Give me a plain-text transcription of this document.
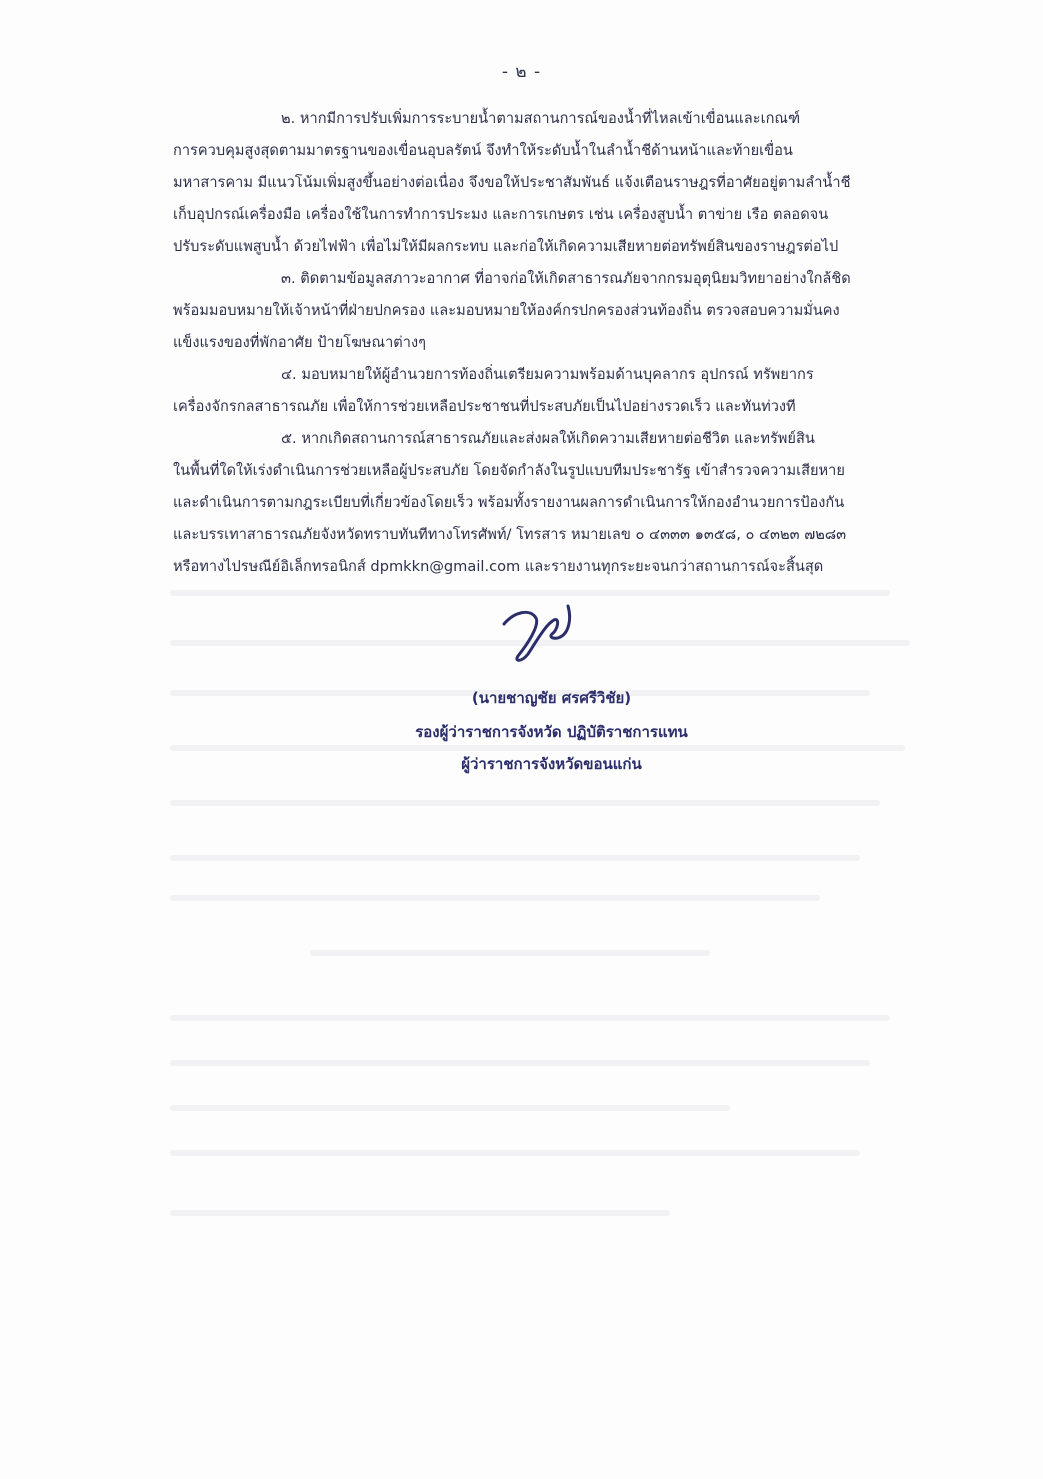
- ๒ -
๒. หากมีการปรับเพิ่มการระบายน้ำตามสถานการณ์ของน้ำที่ไหลเข้าเขื่อนและเกณฑ์
การควบคุมสูงสุดตามมาตรฐานของเขื่อนอุบลรัตน์ จึงทำให้ระดับน้ำในลำน้ำชีด้านหน้าและท้ายเขื่อน
มหาสารคาม มีแนวโน้มเพิ่มสูงขึ้นอย่างต่อเนื่อง จึงขอให้ประชาสัมพันธ์ แจ้งเตือนราษฎรที่อาศัยอยู่ตามลำน้ำชี
เก็บอุปกรณ์เครื่องมือ เครื่องใช้ในการทำการประมง และการเกษตร เช่น เครื่องสูบน้ำ ตาข่าย เรือ ตลอดจน
ปรับระดับแพสูบน้ำ ด้วยไฟฟ้า เพื่อไม่ให้มีผลกระทบ และก่อให้เกิดความเสียหายต่อทรัพย์สินของราษฎรต่อไป
๓. ติดตามข้อมูลสภาวะอากาศ ที่อาจก่อให้เกิดสาธารณภัยจากกรมอุตุนิยมวิทยาอย่างใกล้ชิด
พร้อมมอบหมายให้เจ้าหน้าที่ฝ่ายปกครอง และมอบหมายให้องค์กรปกครองส่วนท้องถิ่น ตรวจสอบความมั่นคง
แข็งแรงของที่พักอาศัย ป้ายโฆษณาต่างๆ
๔. มอบหมายให้ผู้อำนวยการท้องถิ่นเตรียมความพร้อมด้านบุคลากร อุปกรณ์ ทรัพยากร
เครื่องจักรกลสาธารณภัย เพื่อให้การช่วยเหลือประชาชนที่ประสบภัยเป็นไปอย่างรวดเร็ว และทันท่วงที
๕. หากเกิดสถานการณ์สาธารณภัยและส่งผลให้เกิดความเสียหายต่อชีวิต และทรัพย์สิน
ในพื้นที่ใดให้เร่งดำเนินการช่วยเหลือผู้ประสบภัย โดยจัดกำลังในรูปแบบทีมประชารัฐ เข้าสำรวจความเสียหาย
และดำเนินการตามกฎระเบียบที่เกี่ยวข้องโดยเร็ว พร้อมทั้งรายงานผลการดำเนินการให้กองอำนวยการป้องกัน
และบรรเทาสาธารณภัยจังหวัดทราบทันทีทางโทรศัพท์/ โทรสาร หมายเลข ๐ ๔๓๓๓ ๑๓๕๘, ๐ ๔๓๒๓ ๗๒๘๓
หรือทางไปรษณีย์อิเล็กทรอนิกส์ dpmkkn@gmail.com และรายงานทุกระยะจนกว่าสถานการณ์จะสิ้นสุด
(นายชาญชัย ศรศรีวิชัย)
รองผู้ว่าราชการจังหวัด ปฏิบัติราชการแทน
ผู้ว่าราชการจังหวัดขอนแก่น
